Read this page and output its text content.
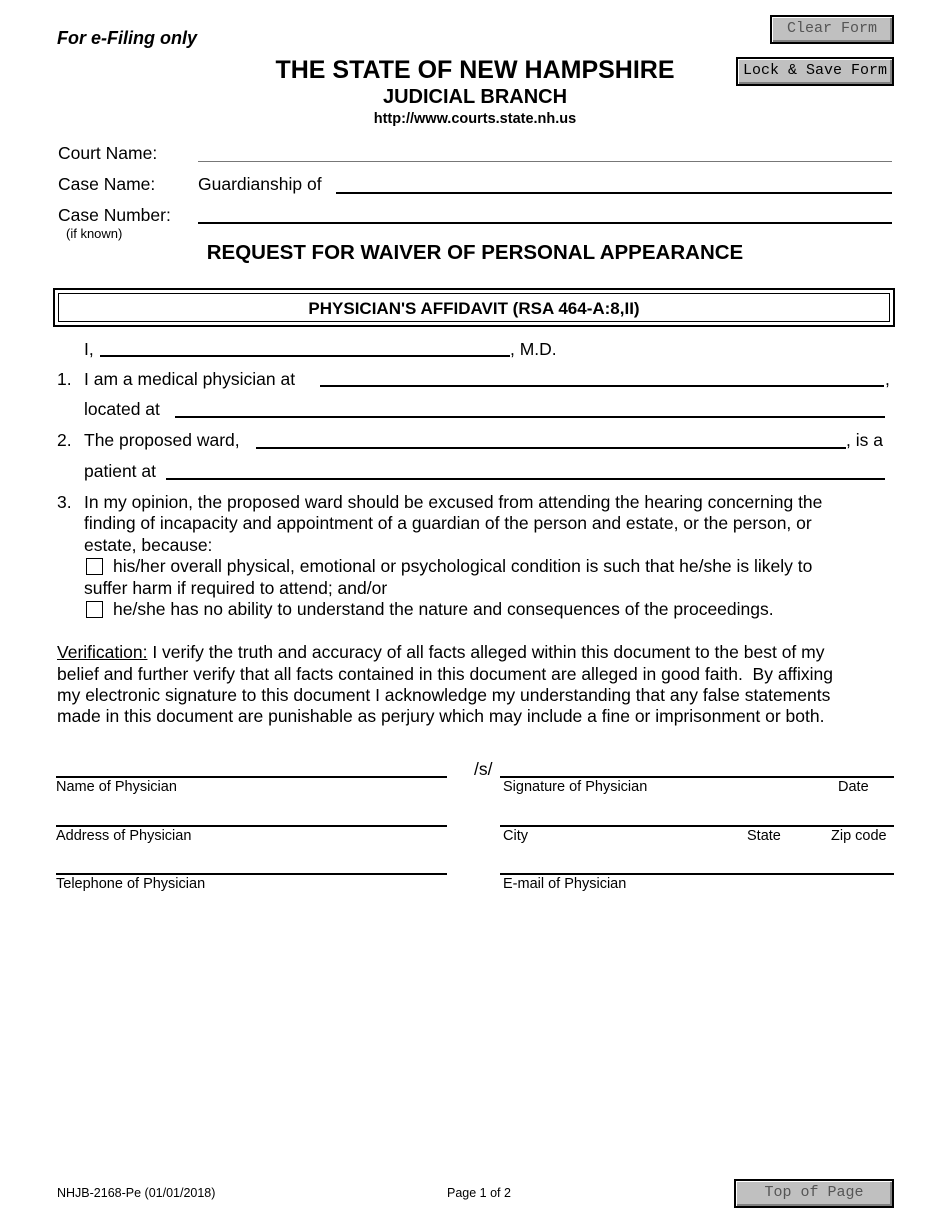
For e-Filing only
THE STATE OF NEW HAMPSHIRE
JUDICIAL BRANCH
http://www.courts.state.nh.us
Clear Form
Lock & Save Form
Court Name:
Case Name: Guardianship of
Case Number:
(if known)
REQUEST FOR WAIVER OF PERSONAL APPEARANCE
PHYSICIAN'S AFFIDAVIT (RSA 464-A:8,II)
I,	, M.D.
1. I am a medical physician at	,
located at
2. The proposed ward,	, is a
patient at
3. In my opinion, the proposed ward should be excused from attending the hearing concerning the
finding of incapacity and appointment of a guardian of the person and estate, or the person, or
estate, because:
his/her overall physical, emotional or psychological condition is such that he/she is likely to
suffer harm if required to attend; and/or
he/she has no ability to understand the nature and consequences of the proceedings.
Verification: I verify the truth and accuracy of all facts alleged within this document to the best of my
belief and further verify that all facts contained in this document are alleged in good faith.  By affixing
my electronic signature to this document I acknowledge my understanding that any false statements
made in this document are punishable as perjury which may include a fine or imprisonment or both.
/s/
Name of Physician	Signature of Physician	Date
Address of Physician	City	State	Zip code
Telephone of Physician	E-mail of Physician
NHJB-2168-Pe (01/01/2018)	Page 1 of 2	Top of Page
